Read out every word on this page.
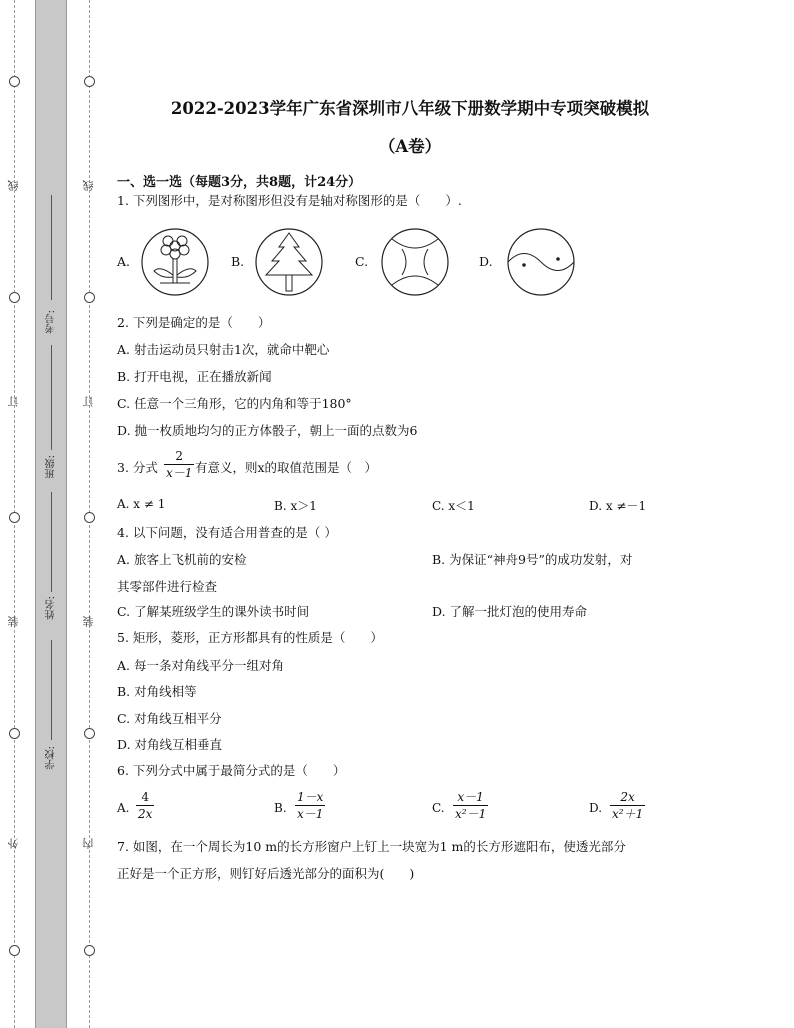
线
订
装
外
线
订
装
内
考号:
班级:
姓名:
学校:
2022-2023学年广东省深圳市八年级下册数学期中专项突破模拟
（A卷）
一、选一选（每题3分，共8题，计24分）
1. 下列图形中，是对称图形但没有是轴对称图形的是（　　）.
A.	B.	C.	D.
2. 下列是确定的是（　　）
A. 射击运动员只射击1次，就命中靶心
B. 打开电视，正在播放新闻
C. 任意一个三角形，它的内角和等于180°
D. 抛一枚质地均匀的正方体骰子，朝上一面的点数为6
3. 分式 $\frac{2}{x-1}$ 有意义，则x的取值范围是（　）
A. x ≠ 1	B. x＞1	C. x＜1	D. x ≠－1
4. 以下问题，没有适合用普查的是（ ）
A. 旅客上飞机前的安检	B. 为保证“神舟9号”的成功发射，对
其零部件进行检查
C. 了解某班级学生的课外读书时间	D. 了解一批灯泡的使用寿命
5. 矩形，菱形，正方形都具有的性质是（　　）
A. 每一条对角线平分一组对角
B. 对角线相等
C. 对角线互相平分
D. 对角线互相垂直
6. 下列分式中属于最简分式的是（　　）
A. $\frac{4}{2x}$	B. $\frac{1-x}{x-1}$	C. $\frac{x-1}{\text{x²－1}}$	D. $\frac{2x}{\text{x²＋1}}$
7. 如图，在一个周长为10 m的长方形窗户上钉上一块宽为1 m的长方形遮阳布，使透光部分
正好是一个正方形，则钉好后透光部分的面积为(　　)
